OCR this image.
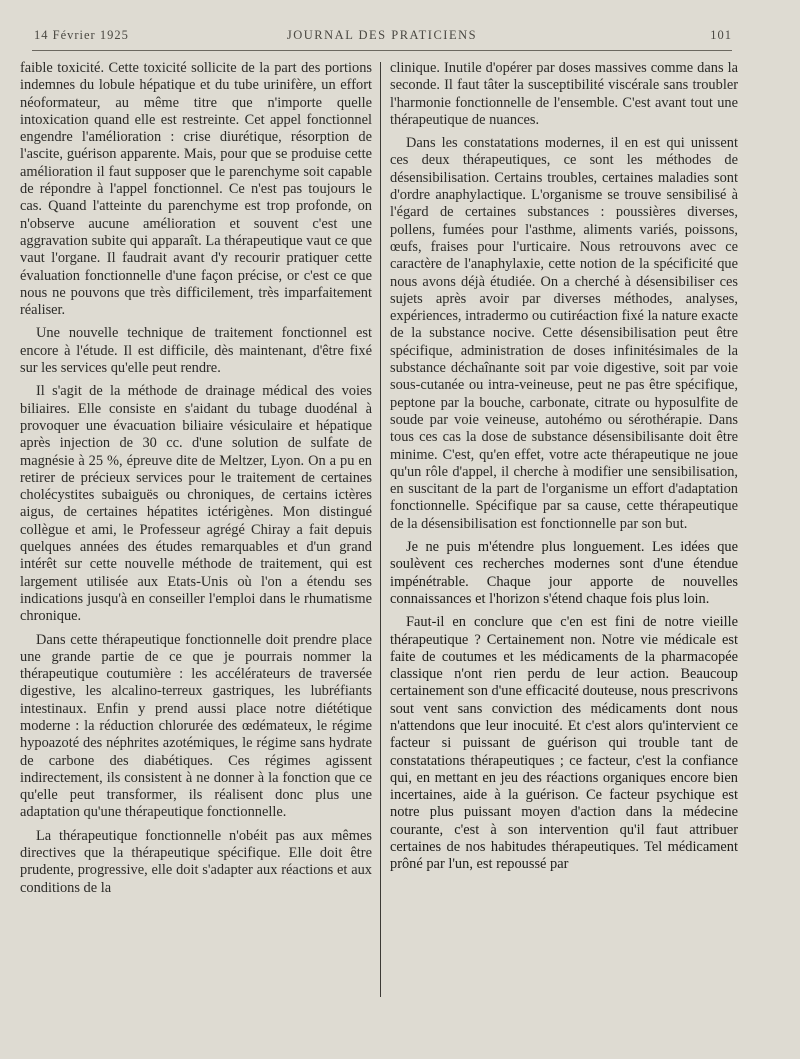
14 Février 1925	JOURNAL DES PRATICIENS	101

faible toxicité. Cette toxicité sollicite de la part des portions indemnes du lobule hépatique et du tube urinifère, un effort néoformateur, au même titre que n'importe quelle intoxication quand elle est restreinte. Cet appel fonctionnel engendre l'amélioration : crise diurétique, résorption de l'ascite, guérison apparente. Mais, pour que se produise cette amélioration il faut supposer que le parenchyme soit capable de répondre à l'appel fonctionnel. Ce n'est pas toujours le cas. Quand l'atteinte du parenchyme est trop profonde, on n'observe aucune amélioration et souvent c'est une aggravation subite qui apparaît. La thérapeutique vaut ce que vaut l'organe. Il faudrait avant d'y recourir pratiquer cette évaluation fonctionnelle d'une façon précise, or c'est ce que nous ne pouvons que très difficilement, très imparfaitement réaliser.

Une nouvelle technique de traitement fonctionnel est encore à l'étude. Il est difficile, dès maintenant, d'être fixé sur les services qu'elle peut rendre.

Il s'agit de la méthode de drainage médical des voies biliaires. Elle consiste en s'aidant du tubage duodénal à provoquer une évacuation biliaire vésiculaire et hépatique après injection de 30 cc. d'une solution de sulfate de magnésie à 25 %, épreuve dite de Meltzer, Lyon. On a pu en retirer de précieux services pour le traitement de certaines cholécystites subaiguës ou chroniques, de certains ictères aigus, de certaines hépatites ictérigènes. Mon distingué collègue et ami, le Professeur agrégé Chiray a fait depuis quelques années des études remarquables et d'un grand intérêt sur cette nouvelle méthode de traitement, qui est largement utilisée aux Etats-Unis où l'on a étendu ses indications jusqu'à en conseiller l'emploi dans le rhumatisme chronique.

Dans cette thérapeutique fonctionnelle doit prendre place une grande partie de ce que je pourrais nommer la thérapeutique coutumière : les accélérateurs de traversée digestive, les alcalino-terreux gastriques, les lubréfiants intestinaux. Enfin y prend aussi place notre diététique moderne : la réduction chlorurée des œdémateux, le régime hypoazoté des néphrites azotémiques, le régime sans hydrate de carbone des diabétiques. Ces régimes agissent indirectement, ils consistent à ne donner à la fonction que ce qu'elle peut transformer, ils réalisent donc plus une adaptation qu'une thérapeutique fonctionnelle.

La thérapeutique fonctionnelle n'obéit pas aux mêmes directives que la thérapeutique spécifique. Elle doit être prudente, progressive, elle doit s'adapter aux réactions et aux conditions de la

clinique. Inutile d'opérer par doses massives comme dans la seconde. Il faut tâter la susceptibilité viscérale sans troubler l'harmonie fonctionnelle de l'ensemble. C'est avant tout une thérapeutique de nuances.

Dans les constatations modernes, il en est qui unissent ces deux thérapeutiques, ce sont les méthodes de désensibilisation. Certains troubles, certaines maladies sont d'ordre anaphylactique. L'organisme se trouve sensibilisé à l'égard de certaines substances : poussières diverses, pollens, fumées pour l'asthme, aliments variés, poissons, œufs, fraises pour l'urticaire. Nous retrouvons avec ce caractère de l'anaphylaxie, cette notion de la spécificité que nous avons déjà étudiée. On a cherché à désensibiliser ces sujets après avoir par diverses méthodes, analyses, expériences, intradermo ou cutiréaction fixé la nature exacte de la substance nocive. Cette désensibilisation peut être spécifique, administration de doses infinitésimales de la substance déchaînante soit par voie digestive, soit par voie sous-cutanée ou intra-veineuse, peut ne pas être spécifique, peptone par la bouche, carbonate, citrate ou hyposulfite de soude par voie veineuse, autohémo ou sérothérapie. Dans tous ces cas la dose de substance désensibilisante doit être minime. C'est, qu'en effet, votre acte thérapeutique ne joue qu'un rôle d'appel, il cherche à modifier une sensibilisation, en suscitant de la part de l'organisme un effort d'adaptation fonctionnelle. Spécifique par sa cause, cette thérapeutique de la désensibilisation est fonctionnelle par son but.

Je ne puis m'étendre plus longuement. Les idées que soulèvent ces recherches modernes sont d'une étendue impénétrable. Chaque jour apporte de nouvelles connaissances et l'horizon s'étend chaque fois plus loin.

Faut-il en conclure que c'en est fini de notre vieille thérapeutique ? Certainement non. Notre vie médicale est faite de coutumes et les médicaments de la pharmacopée classique n'ont rien perdu de leur action. Beaucoup certainement son d'une efficacité douteuse, nous prescrivons sout vent sans conviction des médicaments dont nous n'attendons que leur inocuité. Et c'est alors qu'intervient ce facteur si puissant de guérison qui trouble tant de constatations thérapeutiques ; ce facteur, c'est la confiance qui, en mettant en jeu des réactions organiques encore bien incertaines, aide à la guérison. Ce facteur psychique est notre plus puissant moyen d'action dans la médecine courante, c'est à son intervention qu'il faut attribuer certaines de nos habitudes thérapeutiques. Tel médicament prôné par l'un, est repoussé par
